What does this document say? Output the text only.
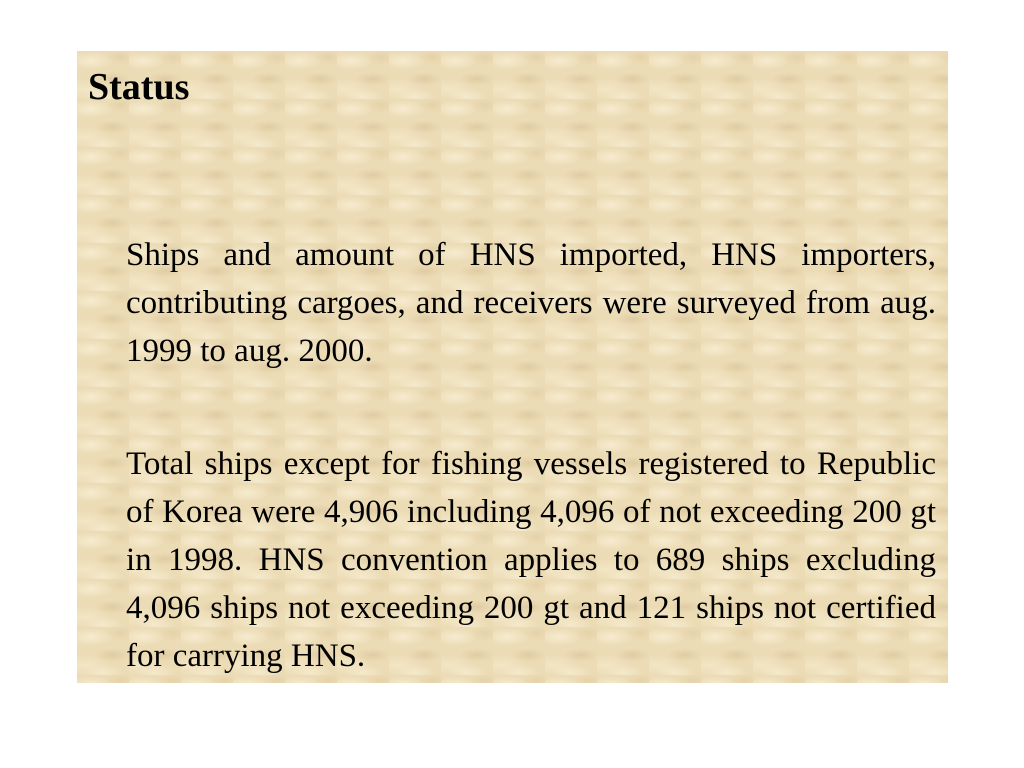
Status

Ships and amount of HNS imported, HNS importers, contributing cargoes, and receivers were surveyed from aug. 1999 to aug. 2000.

Total ships except for fishing vessels registered to Republic of Korea were 4,906 including 4,096 of not exceeding 200 gt in 1998. HNS convention applies to 689 ships excluding 4,096 ships not exceeding 200 gt and 121 ships not certified for carrying HNS.
